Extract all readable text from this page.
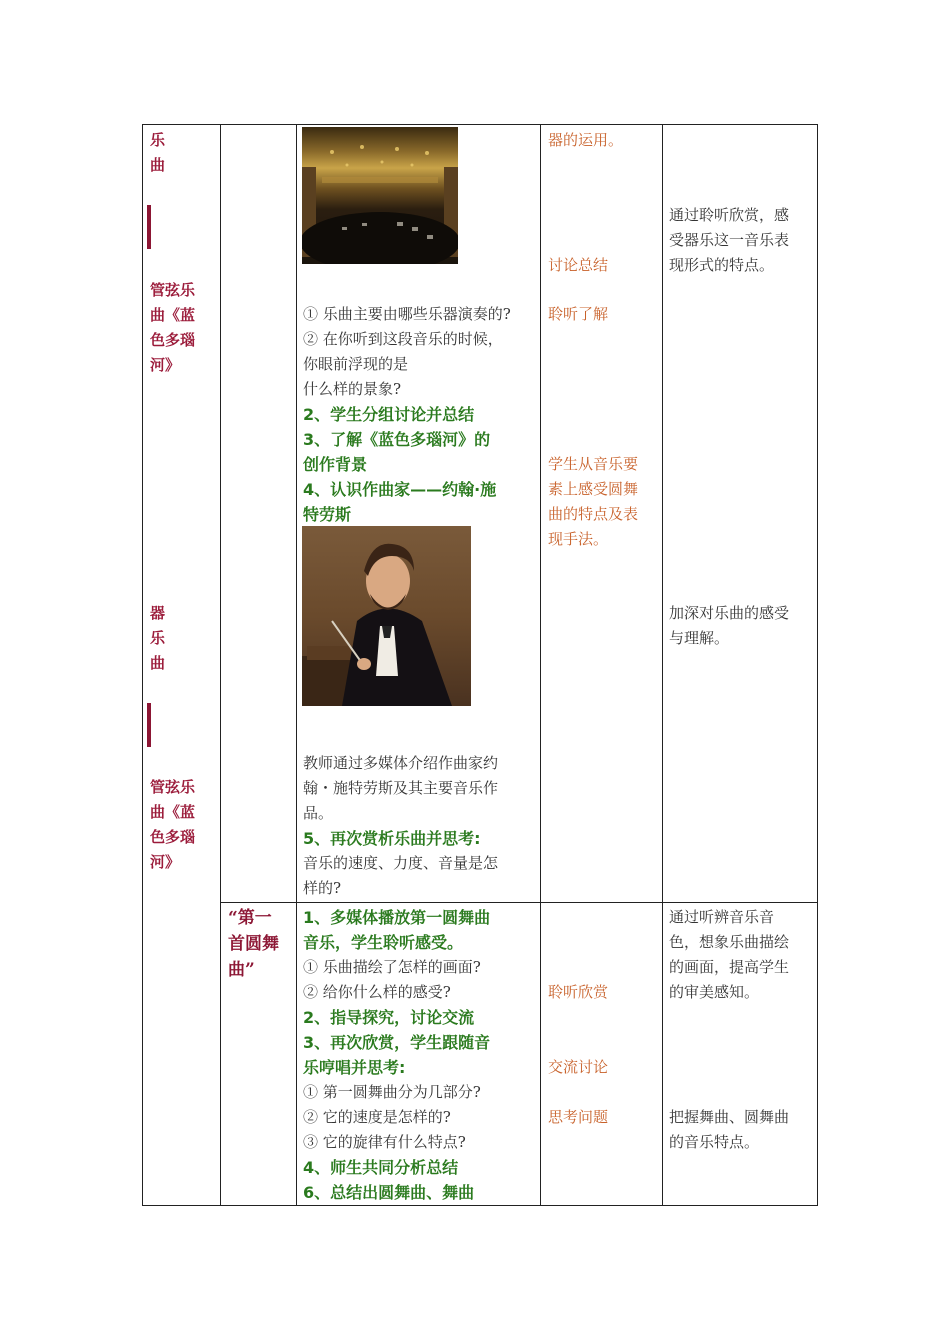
乐
曲
管弦乐
曲《蓝
色多瑙
河》
器
乐
曲
管弦乐
曲《蓝
色多瑙
河》
“第一
首圆舞
曲”
① 乐曲主要由哪些乐器演奏的?
② 在你听到这段音乐的时候，
你眼前浮现的是
什么样的景象?
2、学生分组讨论并总结
3、了解《蓝色多瑙河》的
创作背景
4、认识作曲家——约翰·施
特劳斯
教师通过多媒体介绍作曲家约
翰・施特劳斯及其主要音乐作
品。
5、再次赏析乐曲并思考:
音乐的速度、力度、音量是怎
样的?
1、多媒体播放第一圆舞曲
音乐，学生聆听感受。
① 乐曲描绘了怎样的画面?
② 给你什么样的感受?
2、指导探究，讨论交流
3、再次欣赏，学生跟随音
乐哼唱并思考:
① 第一圆舞曲分为几部分?
② 它的速度是怎样的?
③ 它的旋律有什么特点?
4、师生共同分析总结
6、总结出圆舞曲、舞曲
器的运用。
讨论总结
聆听了解
学生从音乐要
素上感受圆舞
曲的特点及表
现手法。
聆听欣赏
交流讨论
思考问题
通过聆听欣赏，感
受器乐这一音乐表
现形式的特点。
加深对乐曲的感受
与理解。
通过听辨音乐音
色，想象乐曲描绘
的画面，提高学生
的审美感知。
把握舞曲、圆舞曲
的音乐特点。
